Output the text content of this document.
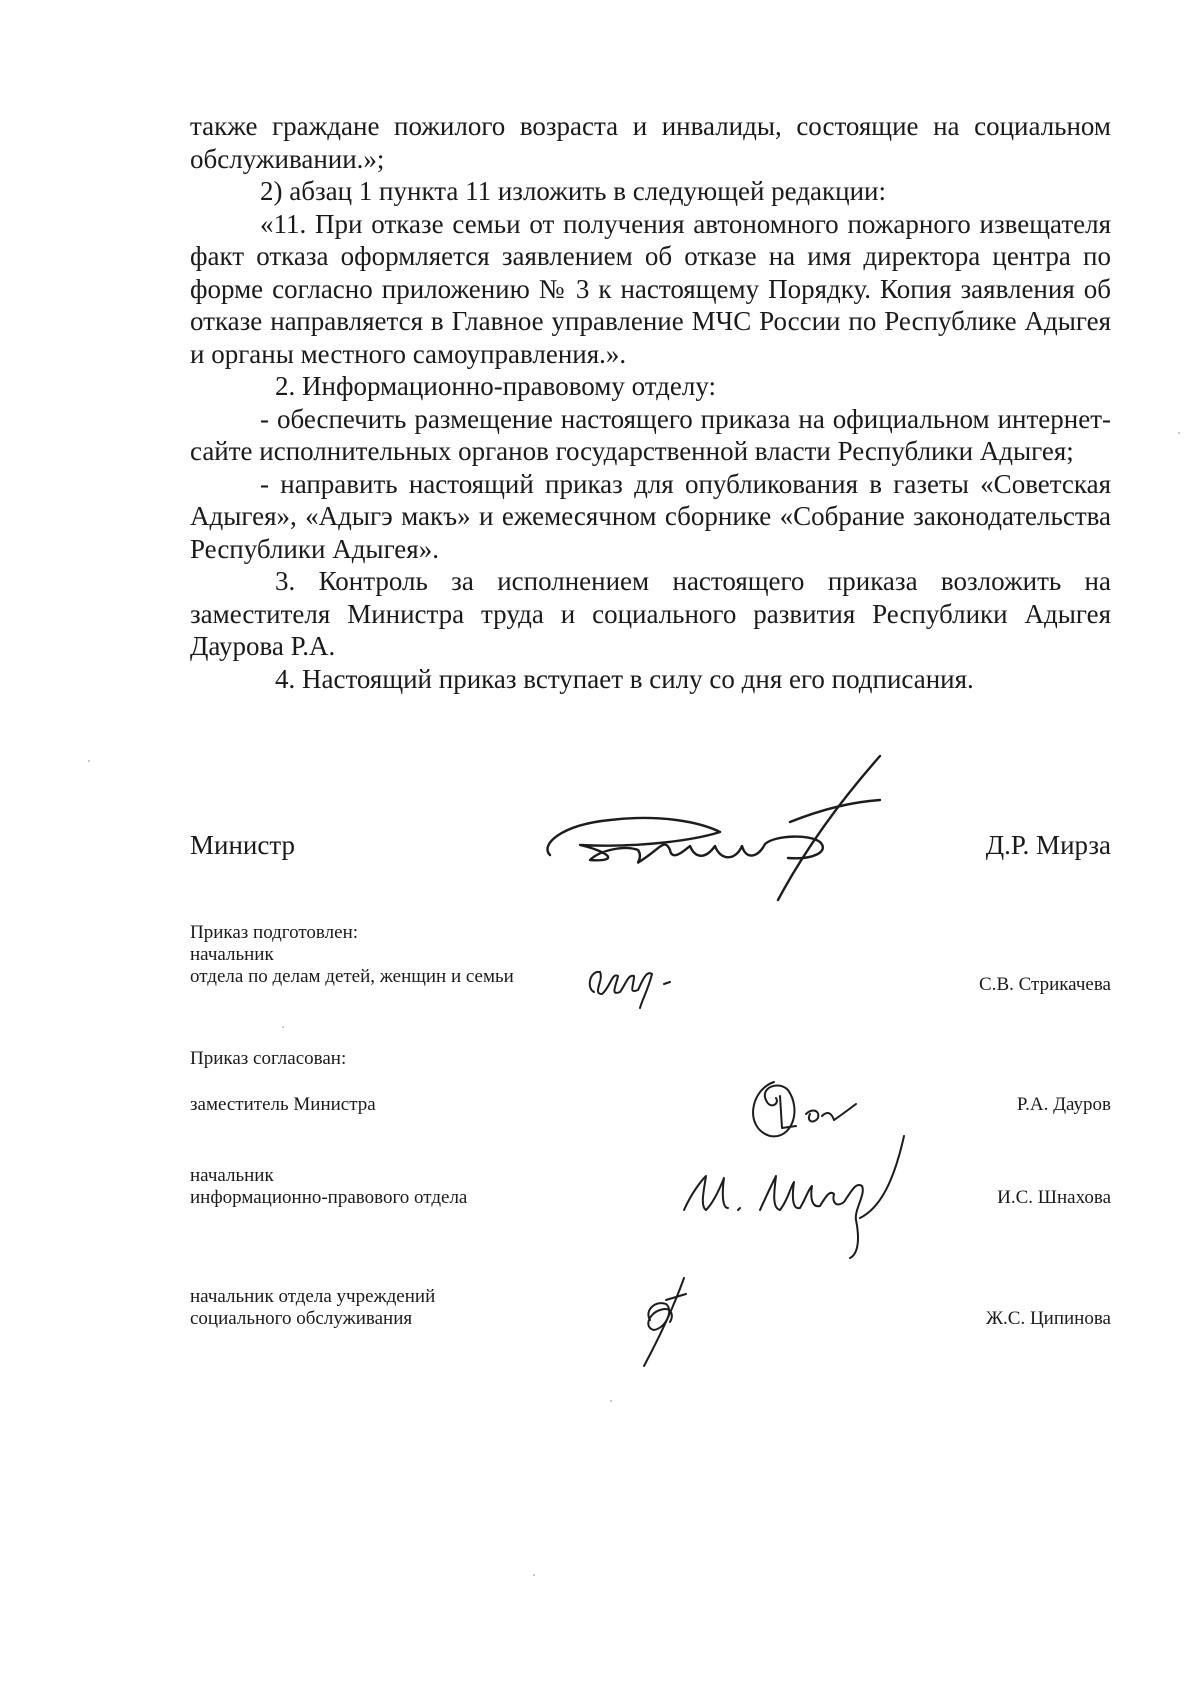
также граждане пожилого возраста и инвалиды, состоящие на социальном обслуживании.»;

2) абзац 1 пункта 11 изложить в следующей редакции:

«11. При отказе семьи от получения автономного пожарного извещателя факт отказа оформляется заявлением об отказе на имя директора центра по форме согласно приложению № 3 к настоящему Порядку. Копия заявления об отказе направляется в Главное управление МЧС России по Республике Адыгея и органы местного самоуправления.».

2. Информационно-правовому отделу:

- обеспечить размещение настоящего приказа на официальном интернет-сайте исполнительных органов государственной власти Республики Адыгея;

- направить настоящий приказ для опубликования в газеты «Советская Адыгея», «Адыгэ макъ» и ежемесячном сборнике «Собрание законодательства Республики Адыгея».

3. Контроль за исполнением настоящего приказа возложить на заместителя Министра труда и социального развития Республики Адыгея Даурова Р.А.

4. Настоящий приказ вступает в силу со дня его подписания.

Министр	Д.Р. Мирза
Приказ подготовлен:
начальник
отдела по делам детей, женщин и семьи	С.В. Стрикачева
Приказ согласован:
заместитель Министра	Р.А. Дауров
начальник
информационно-правового отдела	И.С. Шнахова
начальник отдела учреждений
социального обслуживания	Ж.С. Ципинова
